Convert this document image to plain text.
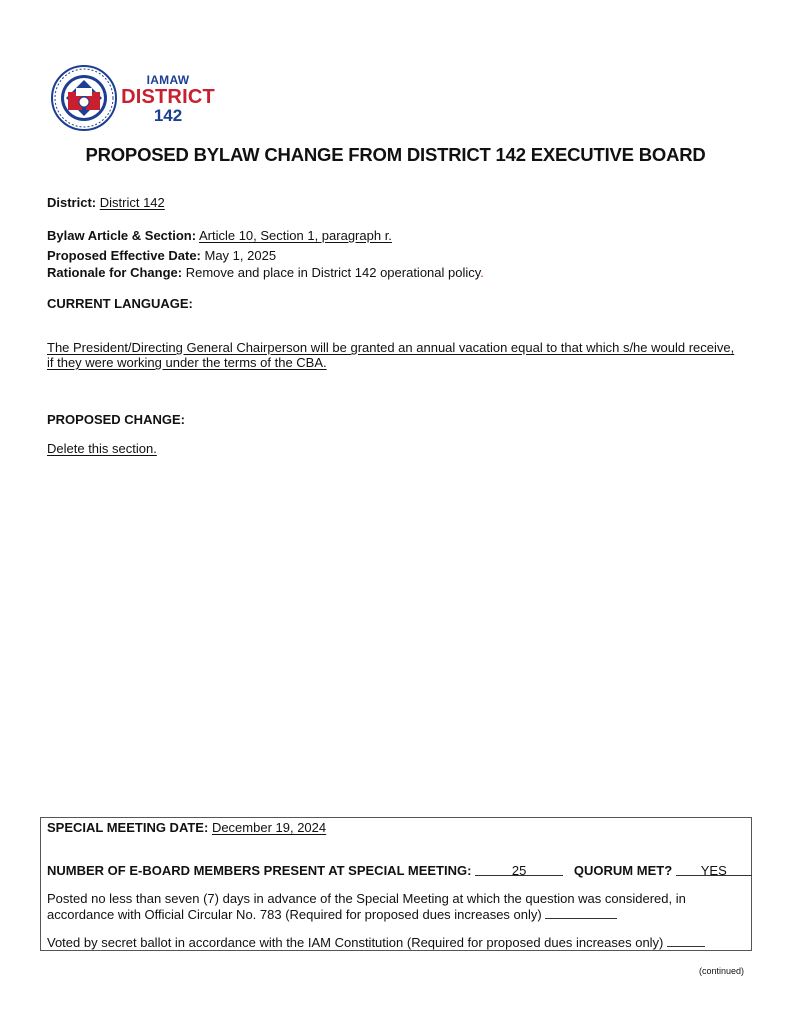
IAMAW
DISTRICT
142
PROPOSED BYLAW CHANGE FROM DISTRICT 142 EXECUTIVE BOARD
District: District 142
Bylaw Article & Section: Article 10, Section 1, paragraph r.
Proposed Effective Date: May 1, 2025
Rationale for Change: Remove and place in District 142 operational policy.
CURRENT LANGUAGE:
The President/Directing General Chairperson will be granted an annual vacation equal to that which s/he would receive, if they were working under the terms of the CBA.
PROPOSED CHANGE:
Delete this section.
SPECIAL MEETING DATE: December 19, 2024
NUMBER OF E-BOARD MEMBERS PRESENT AT SPECIAL MEETING:	25	QUORUM MET? YES
Posted no less than seven (7) days in advance of the Special Meeting at which the question was considered, in accordance with Official Circular No. 783 (Required for proposed dues increases only)
Voted by secret ballot in accordance with the IAM Constitution (Required for proposed dues increases only)
(continued)
